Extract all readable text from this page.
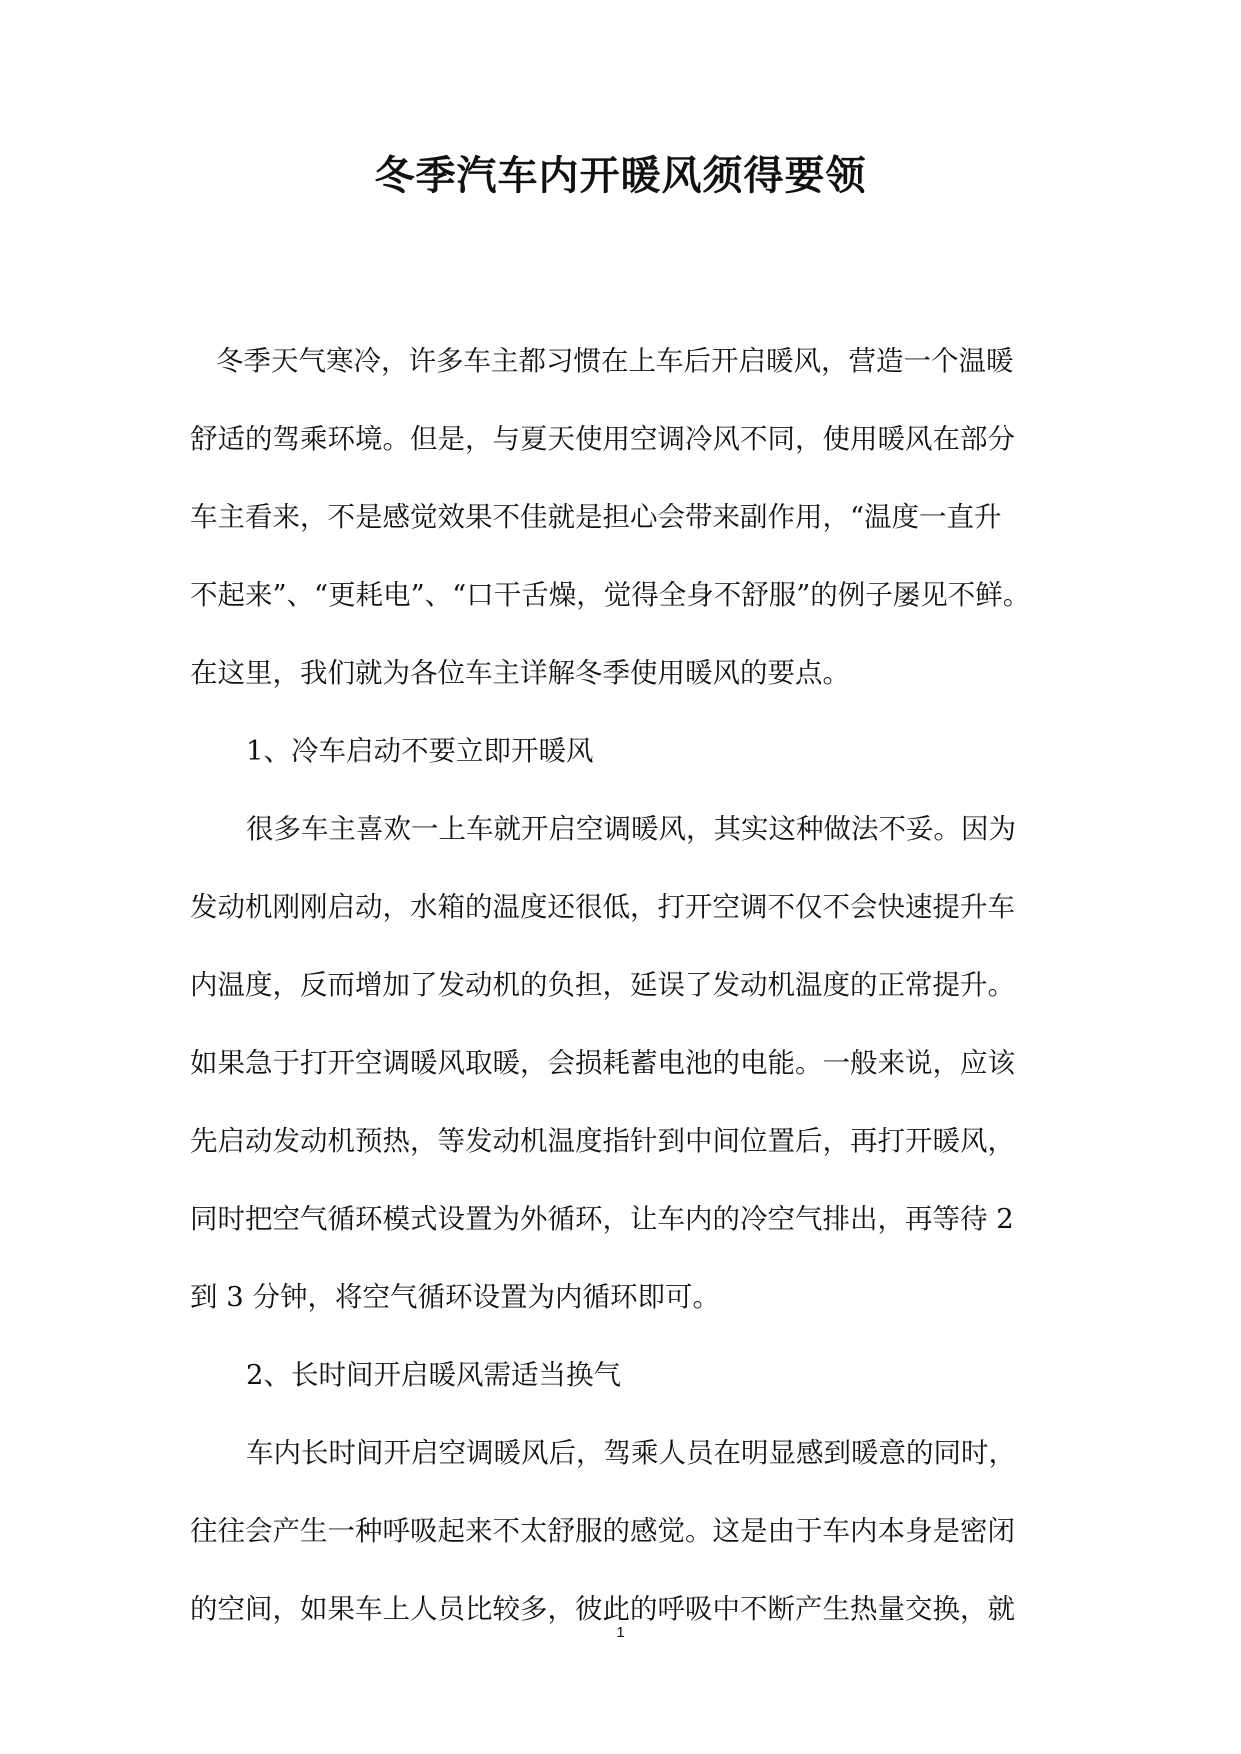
冬季汽车内开暖风须得要领
冬季天气寒冷，许多车主都习惯在上车后开启暖风，营造一个温暖
舒适的驾乘环境。但是，与夏天使用空调冷风不同，使用暖风在部分
车主看来，不是感觉效果不佳就是担心会带来副作用，“温度一直升
不起来”、“更耗电”、“口干舌燥，觉得全身不舒服”的例子屡见不鲜。
在这里，我们就为各位车主详解冬季使用暖风的要点。
1、冷车启动不要立即开暖风
很多车主喜欢一上车就开启空调暖风，其实这种做法不妥。因为
发动机刚刚启动，水箱的温度还很低，打开空调不仅不会快速提升车
内温度，反而增加了发动机的负担，延误了发动机温度的正常提升。
如果急于打开空调暖风取暖，会损耗蓄电池的电能。一般来说，应该
先启动发动机预热，等发动机温度指针到中间位置后，再打开暖风，
同时把空气循环模式设置为外循环，让车内的冷空气排出，再等待 2
到 3 分钟，将空气循环设置为内循环即可。
2、长时间开启暖风需适当换气
车内长时间开启空调暖风后，驾乘人员在明显感到暖意的同时，
往往会产生一种呼吸起来不太舒服的感觉。这是由于车内本身是密闭
的空间，如果车上人员比较多，彼此的呼吸中不断产生热量交换，就
1
